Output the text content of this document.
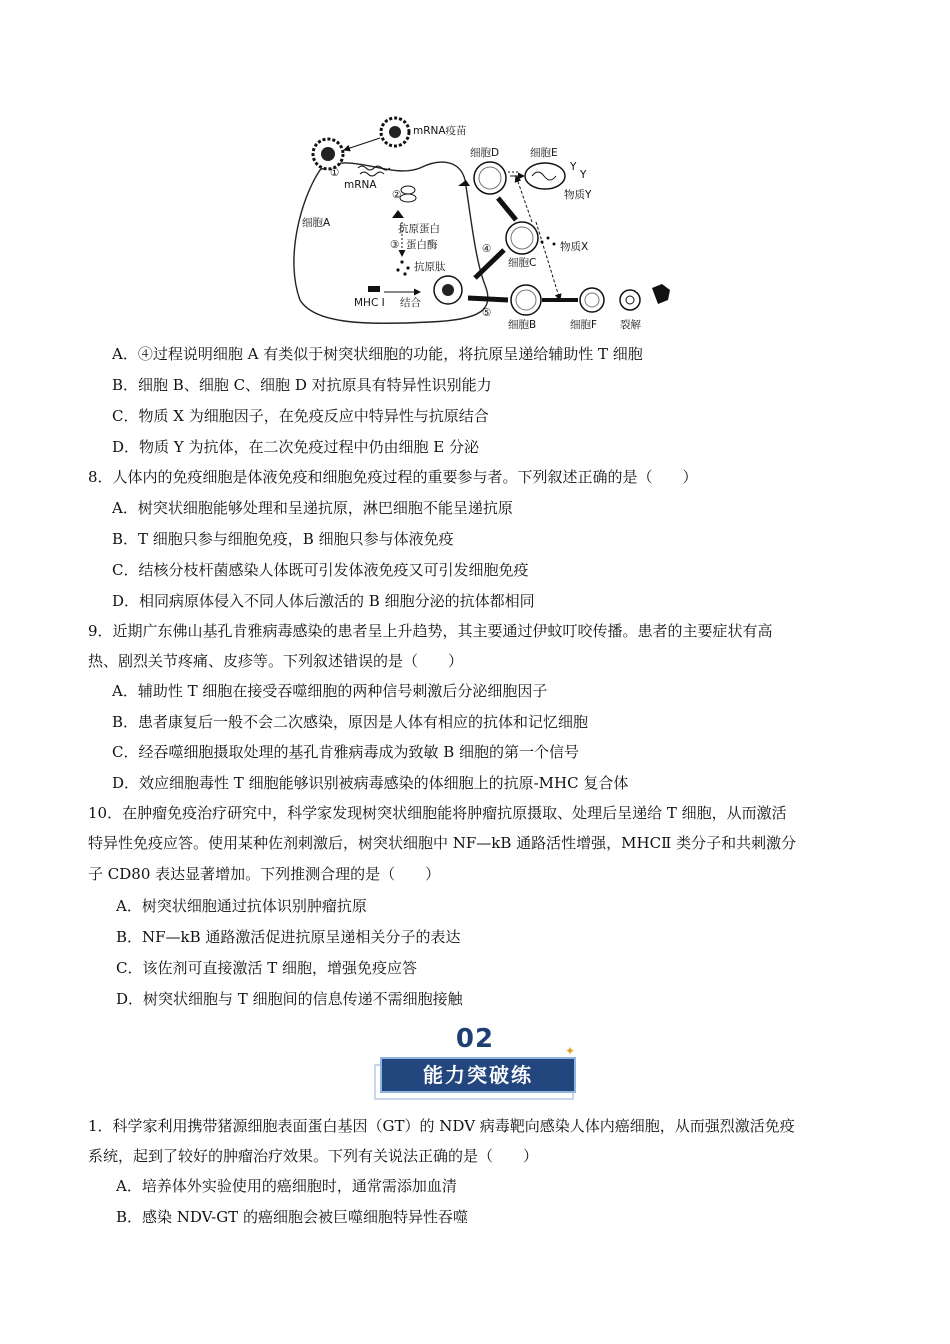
Y
Y
mRNA疫苗
①
mRNA
②
细胞A	抗原蛋白
③ 蛋白酶
抗原肽
MHC Ⅰ 结合
④
⑤
细胞D	细胞E
物质Y
细胞C
物质X
细胞B	细胞F 裂解
A．④过程说明细胞 A 有类似于树突状细胞的功能，将抗原呈递给辅助性 T 细胞
B．细胞 B、细胞 C、细胞 D 对抗原具有特异性识别能力
C．物质 X 为细胞因子，在免疫反应中特异性与抗原结合
D．物质 Y 为抗体，在二次免疫过程中仍由细胞 E 分泌
8．人体内的免疫细胞是体液免疫和细胞免疫过程的重要参与者。下列叙述正确的是（　　）
A．树突状细胞能够处理和呈递抗原，淋巴细胞不能呈递抗原
B．T 细胞只参与细胞免疫，B 细胞只参与体液免疫
C．结核分枝杆菌感染人体既可引发体液免疫又可引发细胞免疫
D．相同病原体侵入不同人体后激活的 B 细胞分泌的抗体都相同
9．近期广东佛山基孔肯雅病毒感染的患者呈上升趋势，其主要通过伊蚊叮咬传播。患者的主要症状有高
热、剧烈关节疼痛、皮疹等。下列叙述错误的是（　　）
A．辅助性 T 细胞在接受吞噬细胞的两种信号刺激后分泌细胞因子
B．患者康复后一般不会二次感染，原因是人体有相应的抗体和记忆细胞
C．经吞噬细胞摄取处理的基孔肯雅病毒成为致敏 B 细胞的第一个信号
D．效应细胞毒性 T 细胞能够识别被病毒感染的体细胞上的抗原-MHC 复合体
10．在肿瘤免疫治疗研究中，科学家发现树突状细胞能将肿瘤抗原摄取、处理后呈递给 T 细胞，从而激活
特异性免疫应答。使用某种佐剂刺激后，树突状细胞中 NF—kB 通路活性增强，MHCⅡ 类分子和共刺激分
子 CD80 表达显著增加。下列推测合理的是（　　）
A．树突状细胞通过抗体识别肿瘤抗原
B．NF—kB 通路激活促进抗原呈递相关分子的表达
C．该佐剂可直接激活 T 细胞，增强免疫应答
D．树突状细胞与 T 细胞间的信息传递不需细胞接触
02
能力突破练
✦
1．科学家利用携带猪源细胞表面蛋白基因（GT）的 NDV 病毒靶向感染人体内癌细胞，从而强烈激活免疫
系统，起到了较好的肿瘤治疗效果。下列有关说法正确的是（　　）
A．培养体外实验使用的癌细胞时，通常需添加血清
B．感染 NDV-GT 的癌细胞会被巨噬细胞特异性吞噬
